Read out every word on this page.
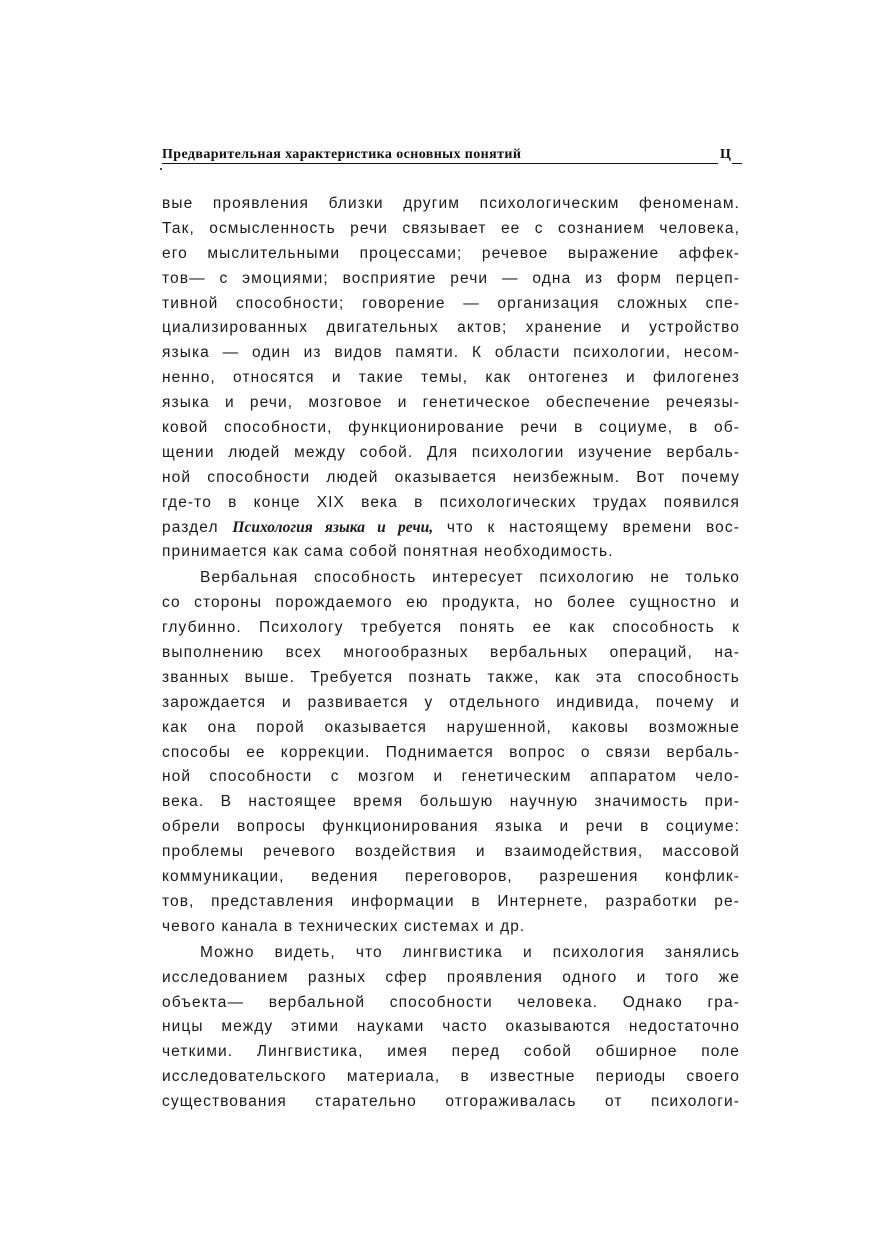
Предварительная характеристика основных понятий	Ц
вые проявления близки другим психологическим феноменам.
Так, осмысленность речи связывает ее с сознанием человека,
его мыслительными процессами; речевое выражение аффек-
тов— с эмоциями; восприятие речи — одна из форм перцеп-
тивной способности; говорение — организация сложных спе-
циализированных двигательных актов; хранение и устройство
языка — один из видов памяти. К области психологии, несом-
ненно, относятся и такие темы, как онтогенез и филогенез
языка и речи, мозговое и генетическое обеспечение речеязы-
ковой способности, функционирование речи в социуме, в об-
щении людей между собой. Для психологии изучение вербаль-
ной способности людей оказывается неизбежным. Вот почему
где-то в конце XIX века в психологических трудах появился
раздел Психология языка и речи, что к настоящему времени вос-
принимается как сама собой понятная необходимость.
Вербальная способность интересует психологию не только
со стороны порождаемого ею продукта, но более сущностно и
глубинно. Психологу требуется понять ее как способность к
выполнению всех многообразных вербальных операций, на-
званных выше. Требуется познать также, как эта способность
зарождается и развивается у отдельного индивида, почему и
как она порой оказывается нарушенной, каковы возможные
способы ее коррекции. Поднимается вопрос о связи вербаль-
ной способности с мозгом и генетическим аппаратом чело-
века. В настоящее время большую научную значимость при-
обрели вопросы функционирования языка и речи в социуме:
проблемы речевого воздействия и взаимодействия, массовой
коммуникации, ведения переговоров, разрешения конфлик-
тов, представления информации в Интернете, разработки ре-
чевого канала в технических системах и др.
Можно видеть, что лингвистика и психология занялись
исследованием разных сфер проявления одного и того же
объекта— вербальной способности человека. Однако гра-
ницы между этими науками часто оказываются недостаточно
четкими. Лингвистика, имея перед собой обширное поле
исследовательского материала, в известные периоды своего
существования старательно отгораживалась от психологи-
